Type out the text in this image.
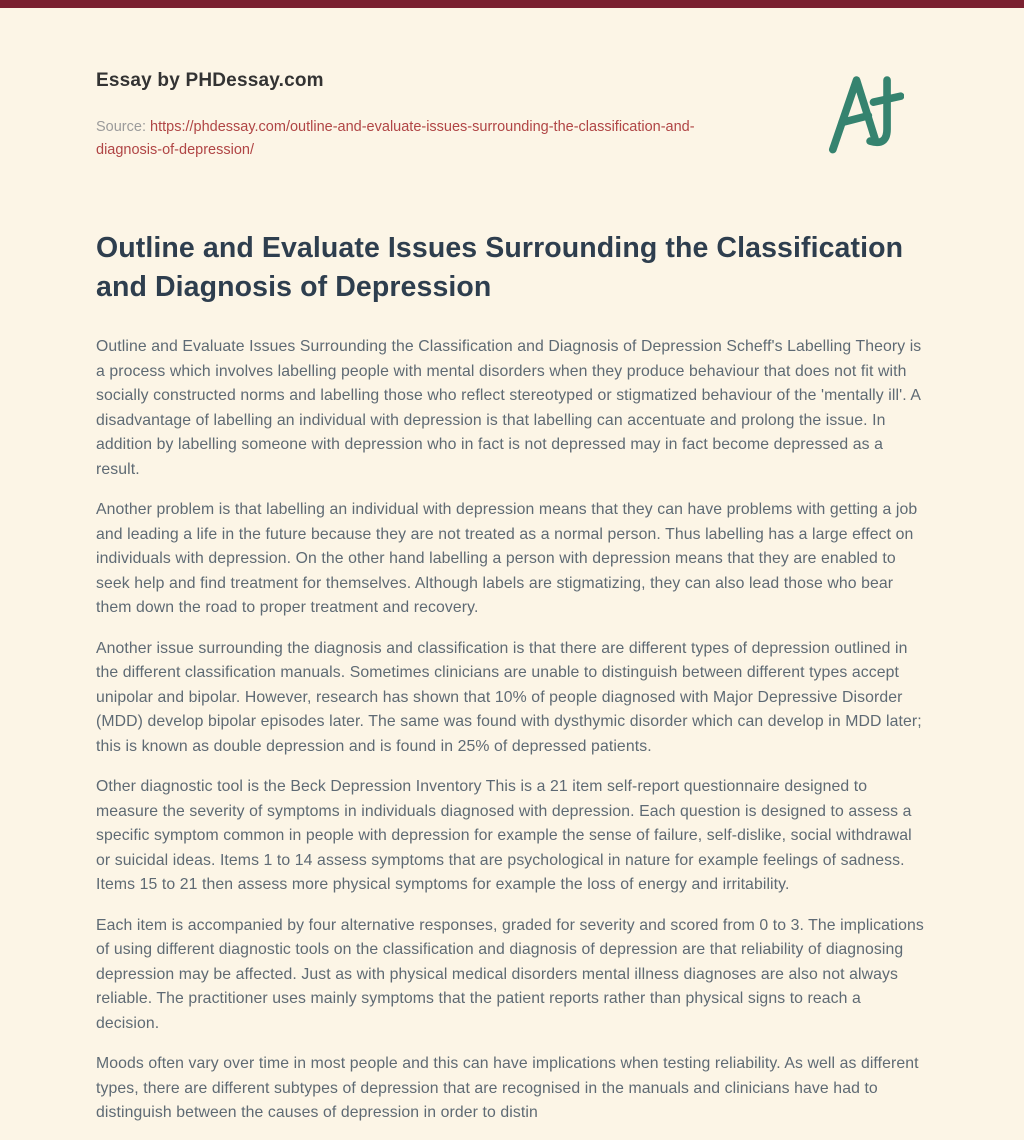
Essay by PHDessay.com

Source: https://phdessay.com/outline-and-evaluate-issues-surrounding-the-classification-and-diagnosis-of-depression/
Outline and Evaluate Issues Surrounding the Classification and Diagnosis of Depression

Outline and Evaluate Issues Surrounding the Classification and Diagnosis of Depression Scheff's Labelling Theory is a process which involves labelling people with mental disorders when they produce behaviour that does not fit with socially constructed norms and labelling those who reflect stereotyped or stigmatized behaviour of the 'mentally ill'. A disadvantage of labelling an individual with depression is that labelling can accentuate and prolong the issue. In addition by labelling someone with depression who in fact is not depressed may in fact become depressed as a result.

Another problem is that labelling an individual with depression means that they can have problems with getting a job and leading a life in the future because they are not treated as a normal person. Thus labelling has a large effect on individuals with depression. On the other hand labelling a person with depression means that they are enabled to seek help and find treatment for themselves. Although labels are stigmatizing, they can also lead those who bear them down the road to proper treatment and recovery.

Another issue surrounding the diagnosis and classification is that there are different types of depression outlined in the different classification manuals. Sometimes clinicians are unable to distinguish between different types accept unipolar and bipolar. However, research has shown that 10% of people diagnosed with Major Depressive Disorder (MDD) develop bipolar episodes later. The same was found with dysthymic disorder which can develop in MDD later; this is known as double depression and is found in 25% of depressed patients.

Other diagnostic tool is the Beck Depression Inventory This is a 21 item self-report questionnaire designed to measure the severity of symptoms in individuals diagnosed with depression. Each question is designed to assess a specific symptom common in people with depression for example the sense of failure, self-dislike, social withdrawal or suicidal ideas. Items 1 to 14 assess symptoms that are psychological in nature for example feelings of sadness. Items 15 to 21 then assess more physical symptoms for example the loss of energy and irritability.

Each item is accompanied by four alternative responses, graded for severity and scored from 0 to 3. The implications of using different diagnostic tools on the classification and diagnosis of depression are that reliability of diagnosing depression may be affected. Just as with physical medical disorders mental illness diagnoses are also not always reliable. The practitioner uses mainly symptoms that the patient reports rather than physical signs to reach a decision.

Moods often vary over time in most people and this can have implications when testing reliability. As well as different types, there are different subtypes of depression that are recognised in the manuals and clinicians have had to distinguish between the causes of depression in order to distin
